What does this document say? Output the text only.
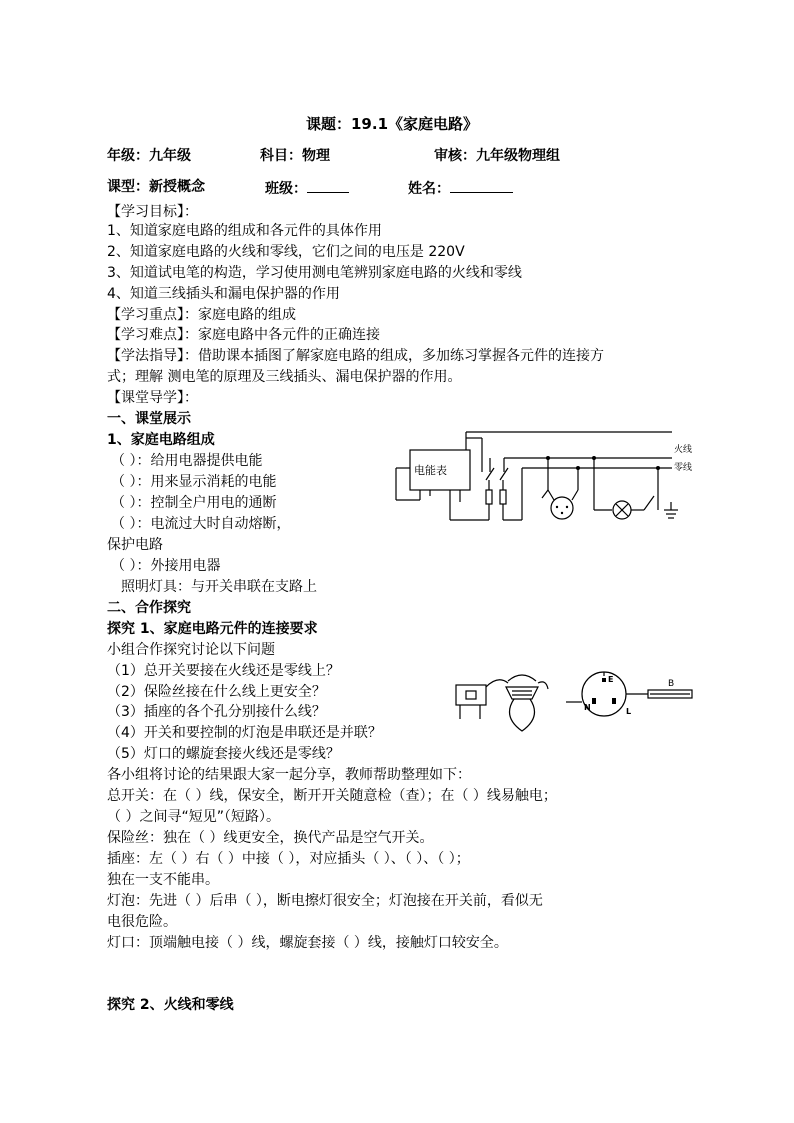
课题：19.1《家庭电路》
年级：九年级	科目：物理	审核：九年级物理组
课型：新授概念	班级：	姓名：
【学习目标】：
1、知道家庭电路的组成和各元件的具体作用
2、知道家庭电路的火线和零线，它们之间的电压是 220V
3、知道试电笔的构造，学习使用测电笔辨别家庭电路的火线和零线
4、知道三线插头和漏电保护器的作用
【学习重点】：家庭电路的组成
【学习难点】：家庭电路中各元件的正确连接
【学法指导】：借助课本插图了解家庭电路的组成，多加练习掌握各元件的连接方
式；理解 测电笔的原理及三线插头、漏电保护器的作用。
【课堂导学】：
一、课堂展示
1、家庭电路组成
（ ）：给用电器提供电能
（ ）：用来显示消耗的电能
（ ）：控制全户用电的通断
（ ）：电流过大时自动熔断，
保护电路
（ ）：外接用电器
照明灯具：与开关串联在支路上
电能表
火线
零线
二、合作探究
探究 1、家庭电路元件的连接要求
小组合作探究讨论以下问题
（1）总开关要接在火线还是零线上？
（2）保险丝接在什么线上更安全？
（3）插座的各个孔分别接什么线？
（4）开关和要控制的灯泡是串联还是并联？
（5）灯口的螺旋套接火线还是零线？
E
N	L
B
各小组将讨论的结果跟大家一起分享，教师帮助整理如下：
总开关：在（ ）线，保安全，断开开关随意检（查）；在（ ）线易触电；
（ ）之间寻“短见”（短路）。
保险丝：独在（ ）线更安全，换代产品是空气开关。
插座：左（ ）右（ ）中接（ ），对应插头（ ）、（ ）、（ ）；
独在一支不能串。
灯泡：先进（ ）后串（ ），断电擦灯很安全；灯泡接在开关前，看似无
电很危险。
灯口：顶端触电接（ ）线，螺旋套接（ ）线，接触灯口较安全。
探究 2、火线和零线
